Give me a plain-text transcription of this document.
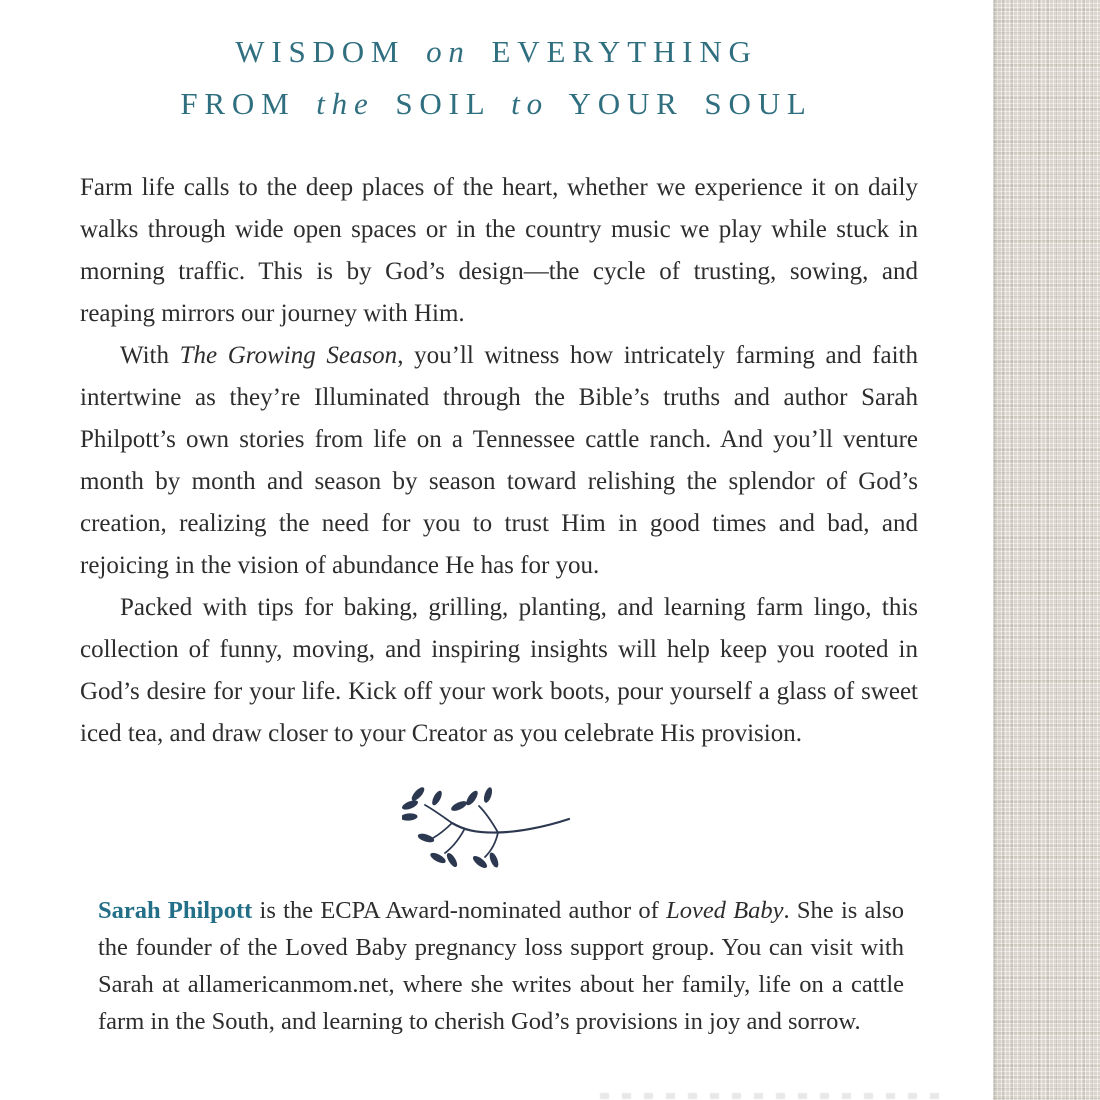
WISDOM on EVERYTHING
FROM the SOIL to YOUR SOUL

Farm life calls to the deep places of the heart, whether we experience it on daily walks through wide open spaces or in the country music we play while stuck in morning traffic. This is by God’s design—the cycle of trusting, sowing, and reaping mirrors our journey with Him.

With The Growing Season, you’ll witness how intricately farming and faith intertwine as they’re Illuminated through the Bible’s truths and author Sarah Philpott’s own stories from life on a Tennessee cattle ranch. And you’ll venture month by month and season by season toward relishing the splendor of God’s creation, realizing the need for you to trust Him in good times and bad, and rejoicing in the vision of abundance He has for you.

Packed with tips for baking, grilling, planting, and learning farm lingo, this collection of funny, moving, and inspiring insights will help keep you rooted in God’s desire for your life. Kick off your work boots, pour yourself a glass of sweet iced tea, and draw closer to your Creator as you celebrate His provision.

Sarah Philpott is the ECPA Award-nominated author of Loved Baby. She is also the founder of the Loved Baby pregnancy loss support group. You can visit with Sarah at allamericanmom.net, where she writes about her family, life on a cattle farm in the South, and learning to cherish God’s provisions in joy and sorrow.
